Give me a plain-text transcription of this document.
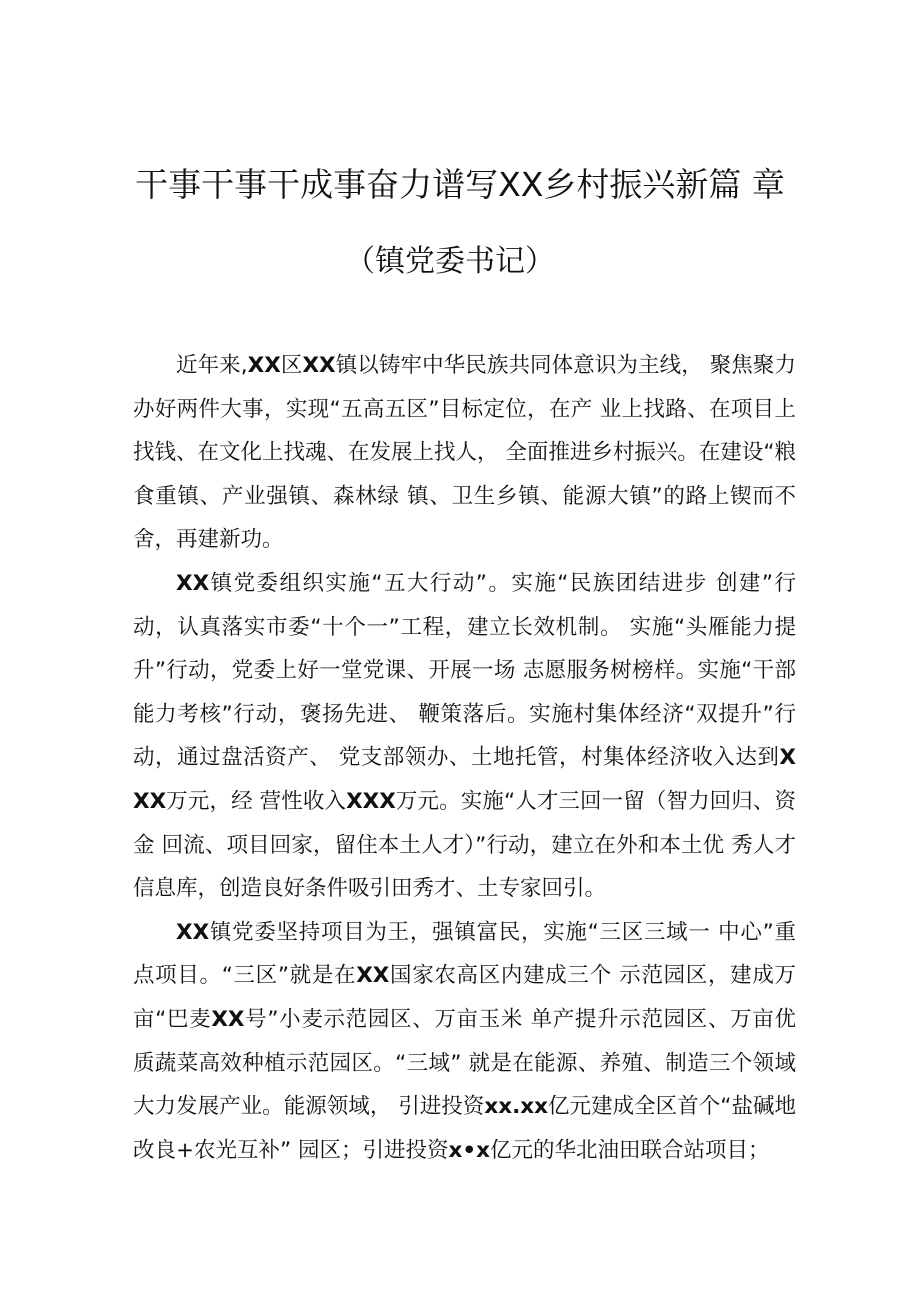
干事干事干成事奋力谱写XX乡村振兴新篇 章
（镇党委书记）

近年来,XX区XX镇以铸牢中华民族共同体意识为主线， 聚焦聚力办好两件大事，实现“五高五区”目标定位，在产 业上找路、在项目上找钱、在文化上找魂、在发展上找人， 全面推进乡村振兴。在建设“粮食重镇、产业强镇、森林绿 镇、卫生乡镇、能源大镇”的路上锲而不舍，再建新功。

XX镇党委组织实施“五大行动”。实施“民族团结进步 创建”行动，认真落实市委“十个一”工程，建立长效机制。 实施“头雁能力提升”行动，党委上好一堂党课、开展一场 志愿服务树榜样。实施“干部能力考核”行动，褒扬先进、 鞭策落后。实施村集体经济“双提升”行动，通过盘活资产、 党支部领办、土地托管，村集体经济收入达到XXX万元，经 营性收入XXX万元。实施“人才三回一留（智力回归、资金 回流、项目回家，留住本土人才）”行动，建立在外和本土优 秀人才信息库，创造良好条件吸引田秀才、土专家回引。

XX镇党委坚持项目为王，强镇富民，实施“三区三域一 中心”重点项目。“三区”就是在XX国家农高区内建成三个 示范园区，建成万亩“巴麦XX号”小麦示范园区、万亩玉米 单产提升示范园区、万亩优质蔬菜高效种植示范园区。“三域” 就是在能源、养殖、制造三个领域大力发展产业。能源领域， 引进投资xx.xx亿元建成全区首个“盐碱地改良+农光互补” 园区；引进投资x•x亿元的华北油田联合站项目；
